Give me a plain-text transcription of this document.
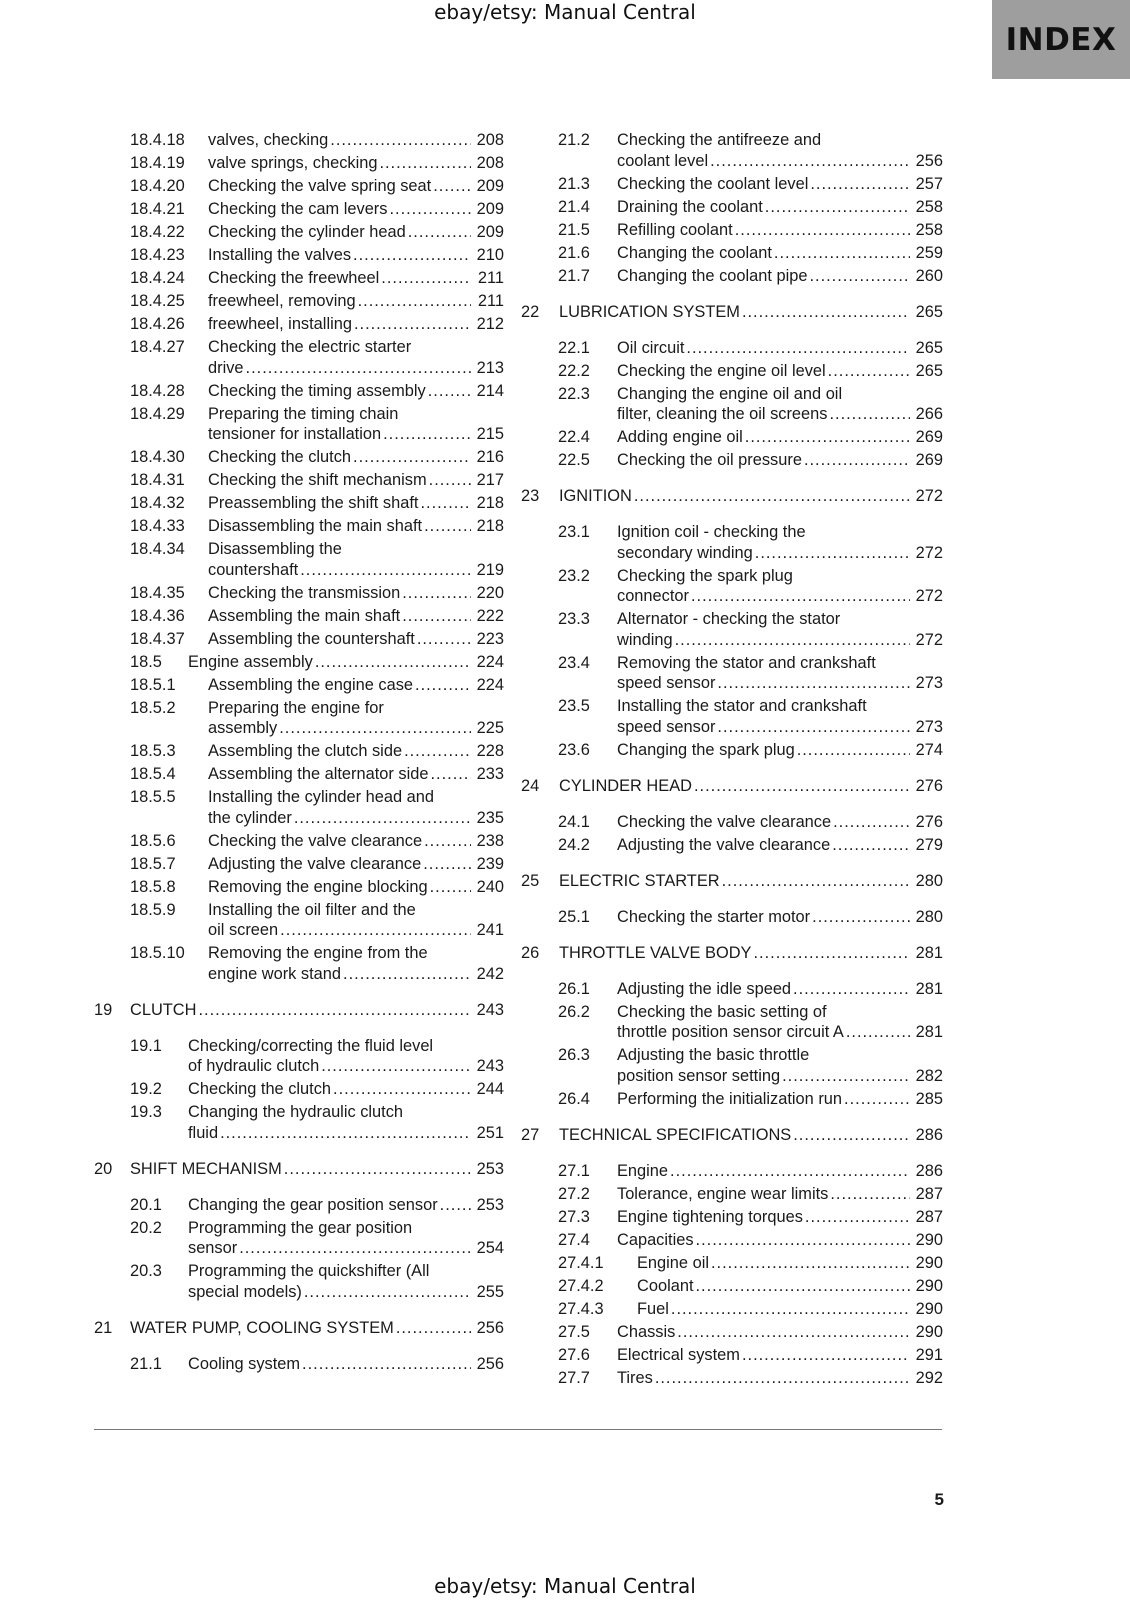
ebay/etsy: Manual Central
INDEX
18.4.18 valves, checking .....	208
18.4.19 valve springs, checking .....	208
18.4.20 Checking the valve spring seat .....	209
18.4.21 Checking the cam levers .....	209
18.4.22 Checking the cylinder head .....	209
18.4.23 Installing the valves .....	210
18.4.24 Checking the freewheel .....	211
18.4.25 freewheel, removing .....	211
18.4.26 freewheel, installing .....	212
18.4.27 Checking the electric starter
drive .....	213
18.4.28 Checking the timing assembly .....	214
18.4.29 Preparing the timing chain
tensioner for installation .....	215
18.4.30 Checking the clutch .....	216
18.4.31 Checking the shift mechanism .....	217
18.4.32 Preassembling the shift shaft .....	218
18.4.33 Disassembling the main shaft .....	218
18.4.34 Disassembling the
countershaft .....	219
18.4.35 Checking the transmission .....	220
18.4.36 Assembling the main shaft .....	222
18.4.37 Assembling the countershaft .....	223
18.5 Engine assembly .....	224
18.5.1 Assembling the engine case .....	224
18.5.2 Preparing the engine for
assembly .....	225
18.5.3 Assembling the clutch side .....	228
18.5.4 Assembling the alternator side .....	233
18.5.5 Installing the cylinder head and
the cylinder .....	235
18.5.6 Checking the valve clearance .....	238
18.5.7 Adjusting the valve clearance .....	239
18.5.8 Removing the engine blocking .....	240
18.5.9 Installing the oil filter and the
oil screen .....	241
18.5.10 Removing the engine from the
engine work stand .....	242
19 CLUTCH .....	243
19.1 Checking/correcting the fluid level
of hydraulic clutch .....	243
19.2 Checking the clutch .....	244
19.3 Changing the hydraulic clutch
fluid .....	251
20 SHIFT MECHANISM .....	253
20.1 Changing the gear position sensor ..... 253
20.2 Programming the gear position
sensor .....	254
20.3 Programming the quickshifter (All
special models) .....	255
21 WATER PUMP, COOLING SYSTEM .....	256
21.1 Cooling system .....	256
21.2 Checking the antifreeze and
coolant level .....	256
21.3 Checking the coolant level .....	257
21.4 Draining the coolant .....	258
21.5 Refilling coolant .....	258
21.6 Changing the coolant .....	259
21.7 Changing the coolant pipe .....	260
22 LUBRICATION SYSTEM .....	265
22.1 Oil circuit .....	265
22.2 Checking the engine oil level .....	265
22.3 Changing the engine oil and oil
filter, cleaning the oil screens .....	266
22.4 Adding engine oil .....	269
22.5 Checking the oil pressure .....	269
23 IGNITION .....	272
23.1 Ignition coil - checking the
secondary winding .....	272
23.2 Checking the spark plug
connector .....	272
23.3 Alternator - checking the stator
winding .....	272
23.4 Removing the stator and crankshaft
speed sensor .....	273
23.5 Installing the stator and crankshaft
speed sensor .....	273
23.6 Changing the spark plug .....	274
24 CYLINDER HEAD .....	276
24.1 Checking the valve clearance .....	276
24.2 Adjusting the valve clearance .....	279
25 ELECTRIC STARTER .....	280
25.1 Checking the starter motor .....	280
26 THROTTLE VALVE BODY .....	281
26.1 Adjusting the idle speed .....	281
26.2 Checking the basic setting of
throttle position sensor circuit A .....	281
26.3 Adjusting the basic throttle
position sensor setting .....	282
26.4 Performing the initialization run .....	285
27 TECHNICAL SPECIFICATIONS .....	286
27.1 Engine .....	286
27.2 Tolerance, engine wear limits .....	287
27.3 Engine tightening torques .....	287
27.4 Capacities .....	290
27.4.1 Engine oil .....	290
27.4.2 Coolant .....	290
27.4.3 Fuel .....	290
27.5 Chassis .....	290
27.6 Electrical system .....	291
27.7 Tires .....	292
5
ebay/etsy: Manual Central
